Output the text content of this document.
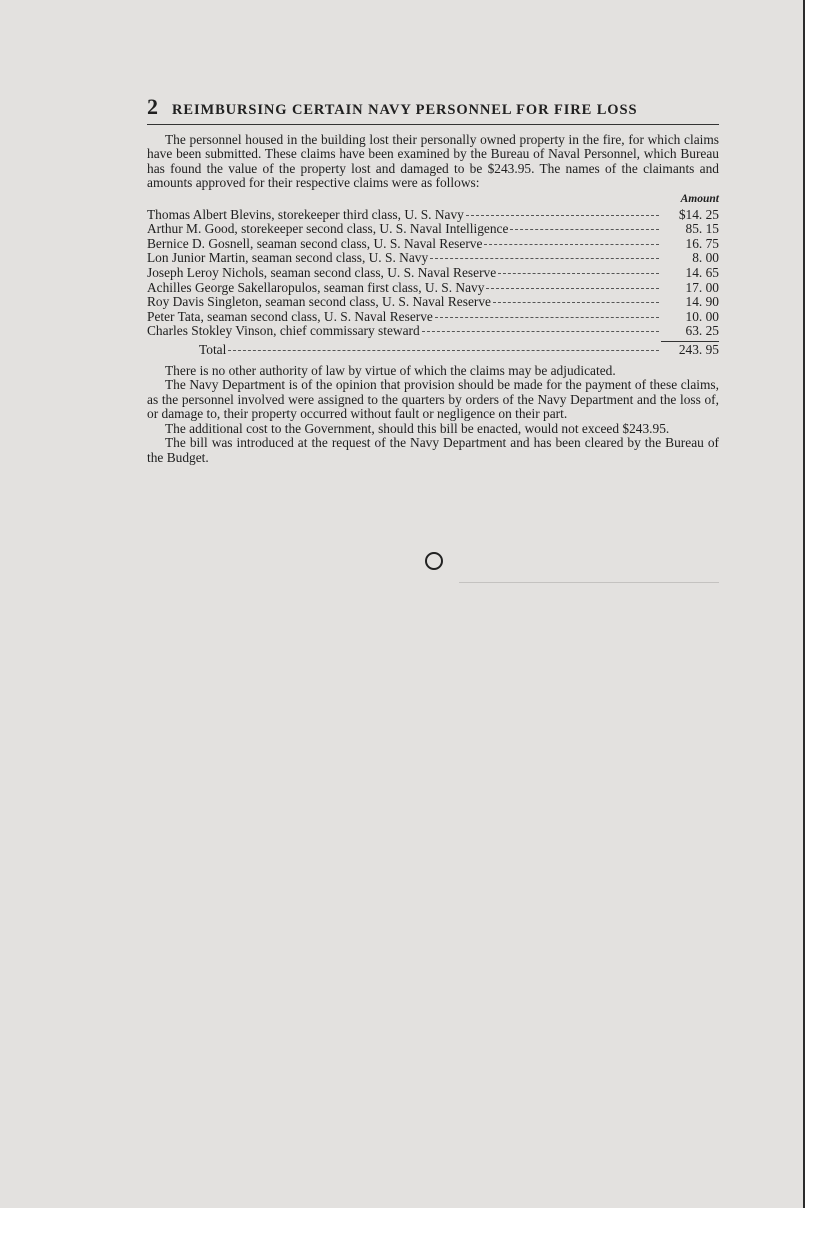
⎯⎯⎯⎯⎯⎯⎯⎯⎯⎯⎯⎯⎯⎯⎯⎯⎯⎯⎯⎯⎯⎯⎯⎯⎯⎯⎯⎯⎯⎯⎯⎯⎯⎯⎯⎯⎯⎯⎯⎯
2 REIMBURSING CERTAIN NAVY PERSONNEL FOR FIRE LOSS

The personnel housed in the building lost their personally owned property in the fire, for which claims have been submitted. These claims have been examined by the Bureau of Naval Personnel, which Bureau has found the value of the property lost and damaged to be $243.95. The names of the claimants and amounts approved for their respective claims were as follows:

Amount
Thomas Albert Blevins, storekeeper third class, U. S. Navy	$14. 25
Arthur M. Good, storekeeper second class, U. S. Naval Intelligence	85. 15
Bernice D. Gosnell, seaman second class, U. S. Naval Reserve	16. 75
Lon Junior Martin, seaman second class, U. S. Navy	8. 00
Joseph Leroy Nichols, seaman second class, U. S. Naval Reserve	14. 65
Achilles George Sakellaropulos, seaman first class, U. S. Navy	17. 00
Roy Davis Singleton, seaman second class, U. S. Naval Reserve	14. 90
Peter Tata, seaman second class, U. S. Naval Reserve	10. 00
Charles Stokley Vinson, chief commissary steward	63. 25
Total	243. 95

There is no other authority of law by virtue of which the claims may be adjudicated.

The Navy Department is of the opinion that provision should be made for the payment of these claims, as the personnel involved were assigned to the quarters by orders of the Navy Department and the loss of, or damage to, their property occurred without fault or negligence on their part.

The additional cost to the Government, should this bill be enacted, would not exceed $243.95.

The bill was introduced at the request of the Navy Department and has been cleared by the Bureau of the Budget.
